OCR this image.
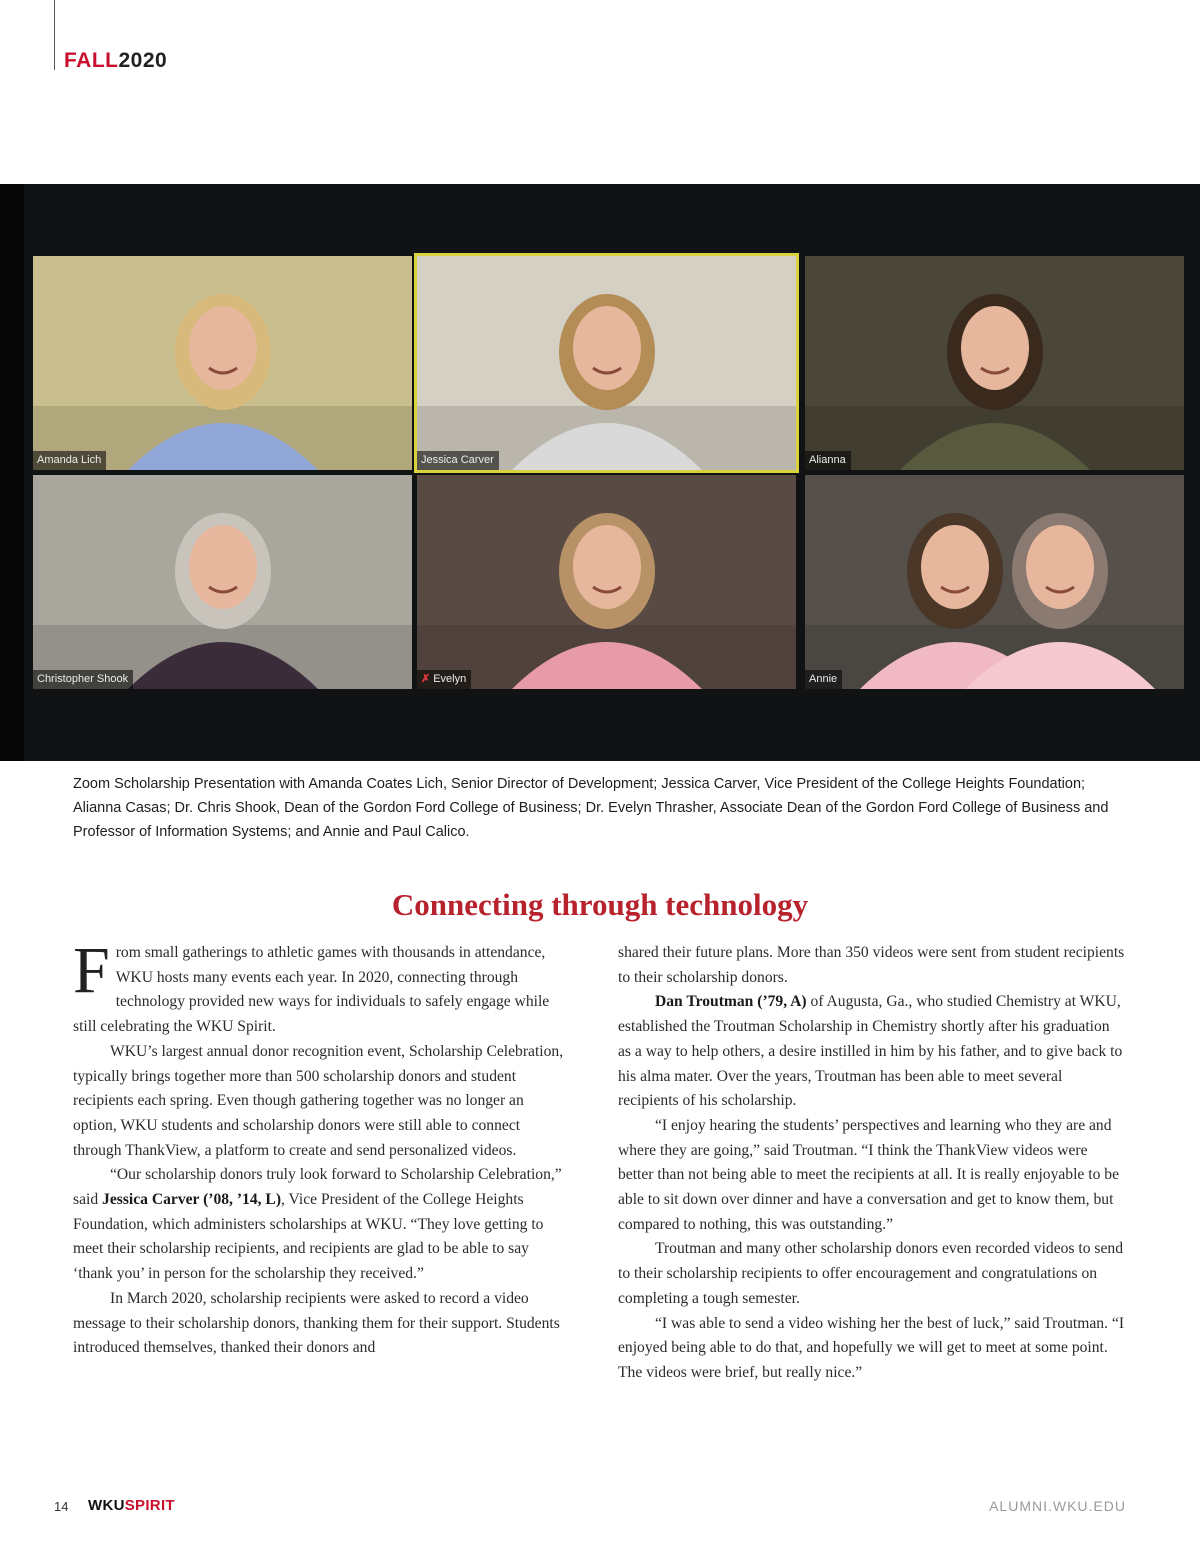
FALL2020
Amanda Lich	Jessica Carver	Alianna
Christopher Shook	✗ Evelyn	Annie
Zoom Scholarship Presentation with Amanda Coates Lich, Senior Director of Development; Jessica Carver, Vice President of the College Heights Foundation; Alianna Casas; Dr. Chris Shook, Dean of the Gordon Ford College of Business; Dr. Evelyn Thrasher, Associate Dean of the Gordon Ford College of Business and Professor of Information Systems; and Annie and Paul Calico.
Connecting through technology

From small gatherings to athletic games with thousands in attendance, WKU hosts many events each year. In 2020, connecting through technology provided new ways for individuals to safely engage while still celebrating the WKU Spirit.

WKU’s largest annual donor recognition event, Scholarship Celebration, typically brings together more than 500 scholarship donors and student recipients each spring. Even though gathering together was no longer an option, WKU students and scholarship donors were still able to connect through ThankView, a platform to create and send personalized videos.

“Our scholarship donors truly look forward to Scholarship Celebration,” said Jessica Carver (’08, ’14, L), Vice President of the College Heights Foundation, which administers scholarships at WKU. “They love getting to meet their scholarship recipients, and recipients are glad to be able to say ‘thank you’ in person for the scholarship they received.”

In March 2020, scholarship recipients were asked to record a video message to their scholarship donors, thanking them for their support. Students introduced themselves, thanked their donors and

shared their future plans. More than 350 videos were sent from student recipients to their scholarship donors.

Dan Troutman (’79, A) of Augusta, Ga., who studied Chemistry at WKU, established the Troutman Scholarship in Chemistry shortly after his graduation as a way to help others, a desire instilled in him by his father, and to give back to his alma mater. Over the years, Troutman has been able to meet several recipients of his scholarship.

“I enjoy hearing the students’ perspectives and learning who they are and where they are going,” said Troutman. “I think the ThankView videos were better than not being able to meet the recipients at all. It is really enjoyable to be able to sit down over dinner and have a conversation and get to know them, but compared to nothing, this was outstanding.”

Troutman and many other scholarship donors even recorded videos to send to their scholarship recipients to offer encouragement and congratulations on completing a tough semester.

“I was able to send a video wishing her the best of luck,” said Troutman. “I enjoyed being able to do that, and hopefully we will get to meet at some point. The videos were brief, but really nice.”

14 WKUSPIRIT	ALUMNI.WKU.EDU
